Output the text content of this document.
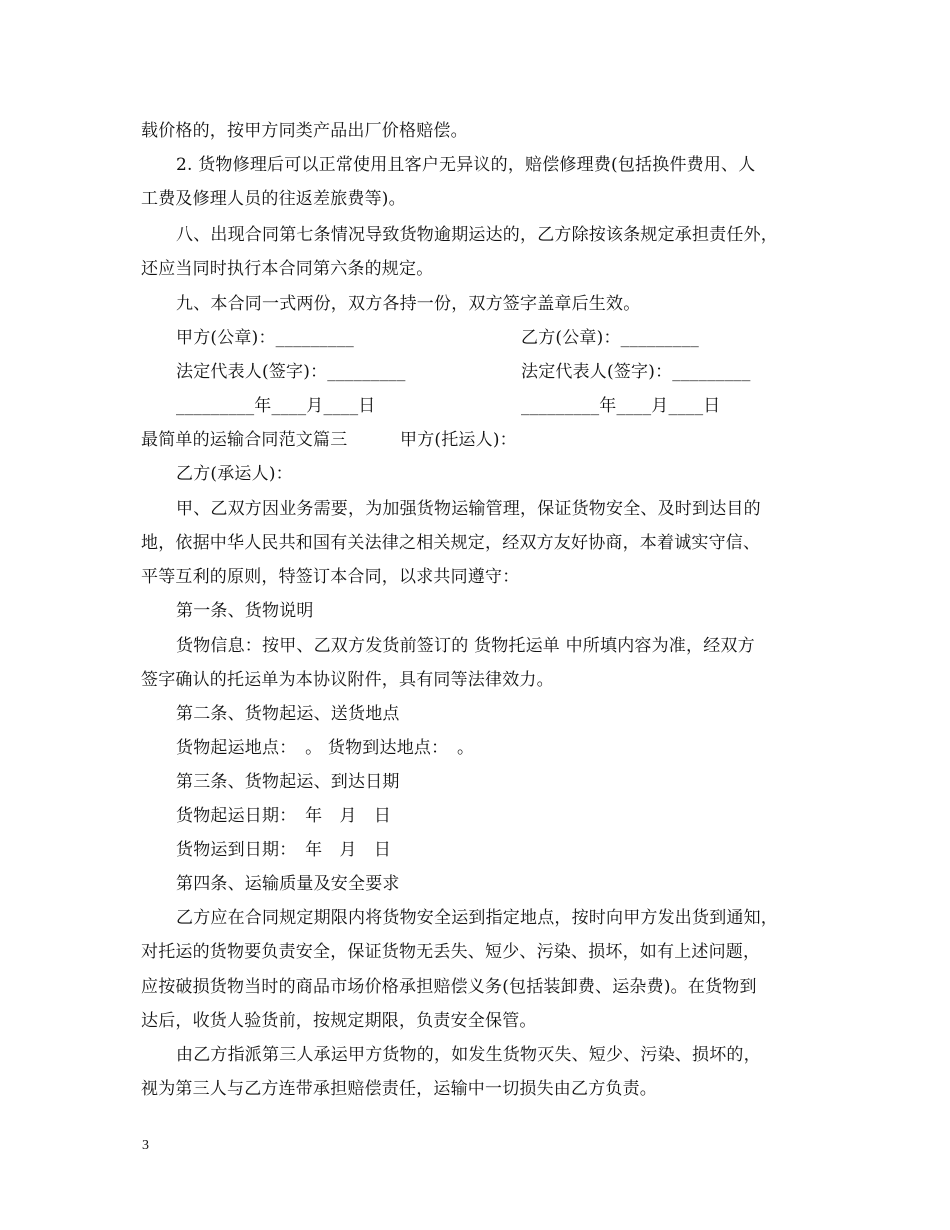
载价格的，按甲方同类产品出厂价格赔偿。
2. 货物修理后可以正常使用且客户无异议的，赔偿修理费(包括换件费用、人
工费及修理人员的往返差旅费等)。
八、出现合同第七条情况导致货物逾期运达的，乙方除按该条规定承担责任外，
还应当同时执行本合同第六条的规定。
九、本合同一式两份，双方各持一份，双方签字盖章后生效。
甲方(公章)：_________	乙方(公章)：_________
法定代表人(签字)：_________	法定代表人(签字)：_________
_________年____月____日	_________年____月____日
最简单的运输合同范文篇三	甲方(托运人)：
乙方(承运人)：
甲、乙双方因业务需要，为加强货物运输管理，保证货物安全、及时到达目的
地，依据中华人民共和国有关法律之相关规定，经双方友好协商，本着诚实守信、
平等互利的原则，特签订本合同，以求共同遵守：
第一条、货物说明
货物信息：按甲、乙双方发货前签订的 货物托运单 中所填内容为准，经双方
签字确认的托运单为本协议附件，具有同等法律效力。
第二条、货物起运、送货地点
货物起运地点：　。 货物到达地点：　。
第三条、货物起运、到达日期
货物起运日期：　年　月　日
货物运到日期：　年　月　日
第四条、运输质量及安全要求
乙方应在合同规定期限内将货物安全运到指定地点，按时向甲方发出货到通知，
对托运的货物要负责安全，保证货物无丢失、短少、污染、损坏，如有上述问题，
应按破损货物当时的商品市场价格承担赔偿义务(包括装卸费、运杂费)。在货物到
达后，收货人验货前，按规定期限，负责安全保管。
由乙方指派第三人承运甲方货物的，如发生货物灭失、短少、污染、损坏的，
视为第三人与乙方连带承担赔偿责任，运输中一切损失由乙方负责。
3
